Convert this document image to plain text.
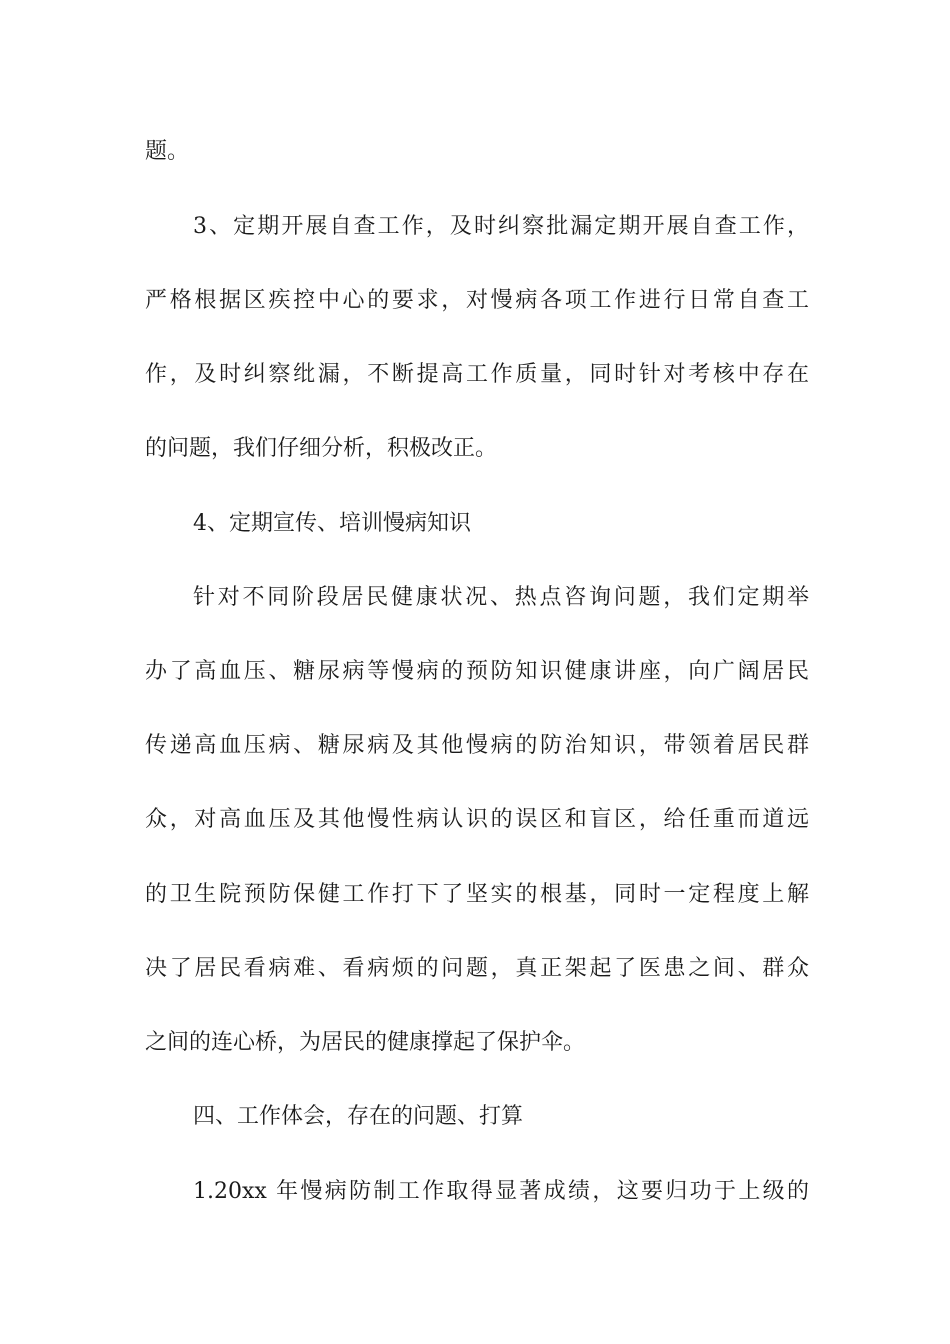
题。
3、定期开展自查工作，及时纠察批漏定期开展自查工作，
严格根据区疾控中心的要求，对慢病各项工作进行日常自查工
作，及时纠察纰漏，不断提高工作质量，同时针对考核中存在
的问题，我们仔细分析，积极改正。
4、定期宣传、培训慢病知识
针对不同阶段居民健康状况、热点咨询问题，我们定期举
办了高血压、糖尿病等慢病的预防知识健康讲座，向广阔居民
传递高血压病、糖尿病及其他慢病的防治知识，带领着居民群
众，对高血压及其他慢性病认识的误区和盲区，给任重而道远
的卫生院预防保健工作打下了坚实的根基，同时一定程度上解
决了居民看病难、看病烦的问题，真正架起了医患之间、群众
之间的连心桥，为居民的健康撑起了保护伞。
四、工作体会，存在的问题、打算
1.20xx 年慢病防制工作取得显著成绩，这要归功于上级的
